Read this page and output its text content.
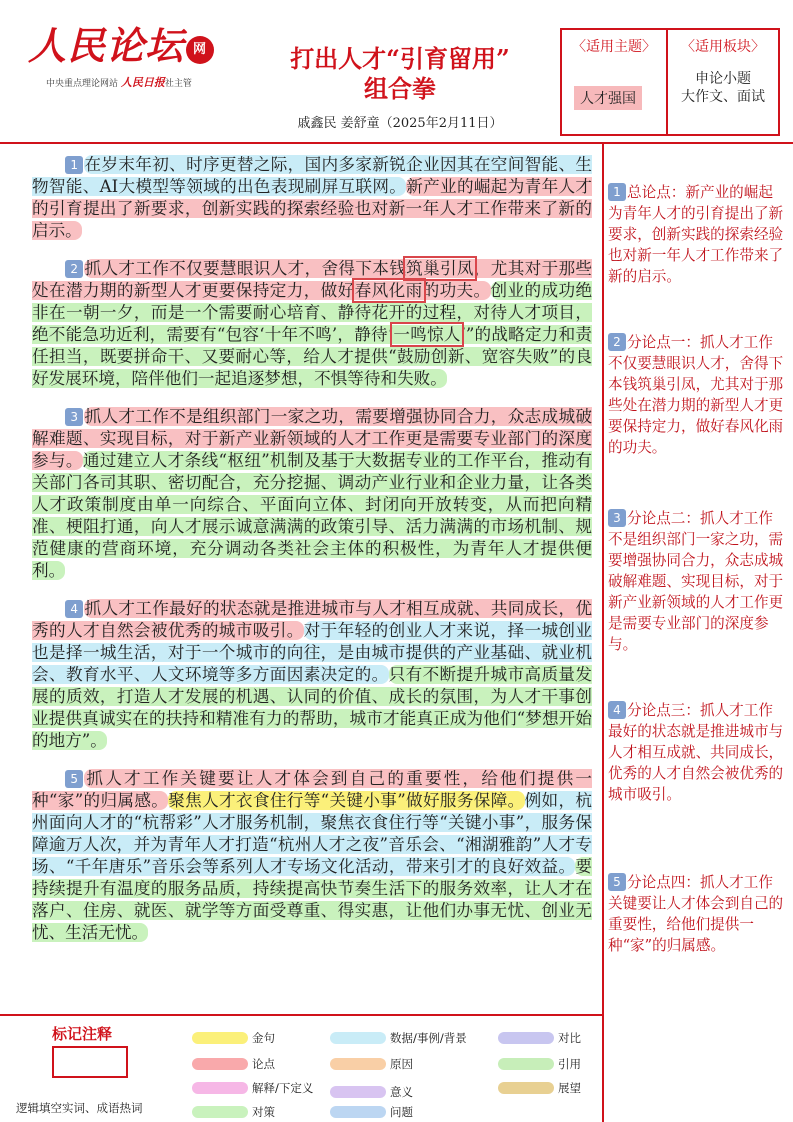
人民论坛 网
中央重点理论网站 人民日报社主管
打出人才“引育留用”
组合拳
戚鑫民 姜舒童（2025年2月11日）
〈适用主题〉	〈适用板块〉
人才强国
申论小题
大作文、面试

1 在岁末年初、时序更替之际，国内多家新锐企业因其在空间智能、生物智能、AI大模型等领域的出色表现刷屏互联网。新产业的崛起为青年人才的引育提出了新要求，创新实践的探索经验也对新一年人才工作带来了新的启示。

2 抓人才工作不仅要慧眼识人才，舍得下本钱筑巢引凤，尤其对于那些处在潜力期的新型人才更要保持定力，做好春风化雨的功夫。创业的成功绝非在一朝一夕，而是一个需要耐心培育、静待花开的过程，对待人才项目，绝不能急功近利，需要有“包容‘十年不鸣’，静待‘一鸣惊人’”的战略定力和责任担当，既要拼命干、又要耐心等，给人才提供“鼓励创新、宽容失败”的良好发展环境，陪伴他们一起追逐梦想，不惧等待和失败。

3 抓人才工作不是组织部门一家之功，需要增强协同合力，众志成城破解难题、实现目标，对于新产业新领域的人才工作更是需要专业部门的深度参与。通过建立人才条线“枢纽”机制及基于大数据专业的工作平台，推动有关部门各司其职、密切配合，充分挖掘、调动产业行业和企业力量，让各类人才政策制度由单一向综合、平面向立体、封闭向开放转变，从而把向精准、梗阻打通，向人才展示诚意满满的政策引导、活力满满的市场机制、规范健康的营商环境，充分调动各类社会主体的积极性，为青年人才提供便利。

4 抓人才工作最好的状态就是推进城市与人才相互成就、共同成长，优秀的人才自然会被优秀的城市吸引。对于年轻的创业人才来说，择一城创业也是择一城生活，对于一个城市的向往，是由城市提供的产业基础、就业机会、教育水平、人文环境等多方面因素决定的。只有不断提升城市高质量发展的质效，打造人才发展的机遇、认同的价值、成长的氛围，为人才干事创业提供真诚实在的扶持和精准有力的帮助，城市才能真正成为他们“梦想开始的地方”。

5 抓人才工作关键要让人才体会到自己的重要性，给他们提供一种“家”的归属感。聚焦人才衣食住行等“关键小事”做好服务保障。例如，杭州面向人才的“杭帮彩”人才服务机制，聚焦衣食住行等“关键小事”，服务保障逾万人次，并为青年人才打造“杭州人才之夜”音乐会、“湘湖雅韵”人才专场、“千年唐乐”音乐会等系列人才专场文化活动，带来引才的良好效益。要持续提升有温度的服务品质，持续提高快节奏生活下的服务效率，让人才在落户、住房、就医、就学等方面受尊重、得实惠，让他们办事无忧、创业无忧、生活无忧。

1 总论点：新产业的崛起为青年人才的引育提出了新要求，创新实践的探索经验也对新一年人才工作带来了新的启示。

2 分论点一：抓人才工作不仅要慧眼识人才，舍得下本钱筑巢引凤，尤其对于那些处在潜力期的新型人才更要保持定力，做好春风化雨的功夫。

3 分论点二：抓人才工作不是组织部门一家之功，需要增强协同合力，众志成城破解难题、实现目标，对于新产业新领域的人才工作更是需要专业部门的深度参与。

4 分论点三：抓人才工作最好的状态就是推进城市与人才相互成就、共同成长，优秀的人才自然会被优秀的城市吸引。

5 分论点四：抓人才工作关键要让人才体会到自己的重要性，给他们提供一种“家”的归属感。

标记注释
逻辑填空实词、成语热词
金句	数据/事例/背景	对比
论点	原因	引用
解释/下定义	意义	展望
对策	问题
